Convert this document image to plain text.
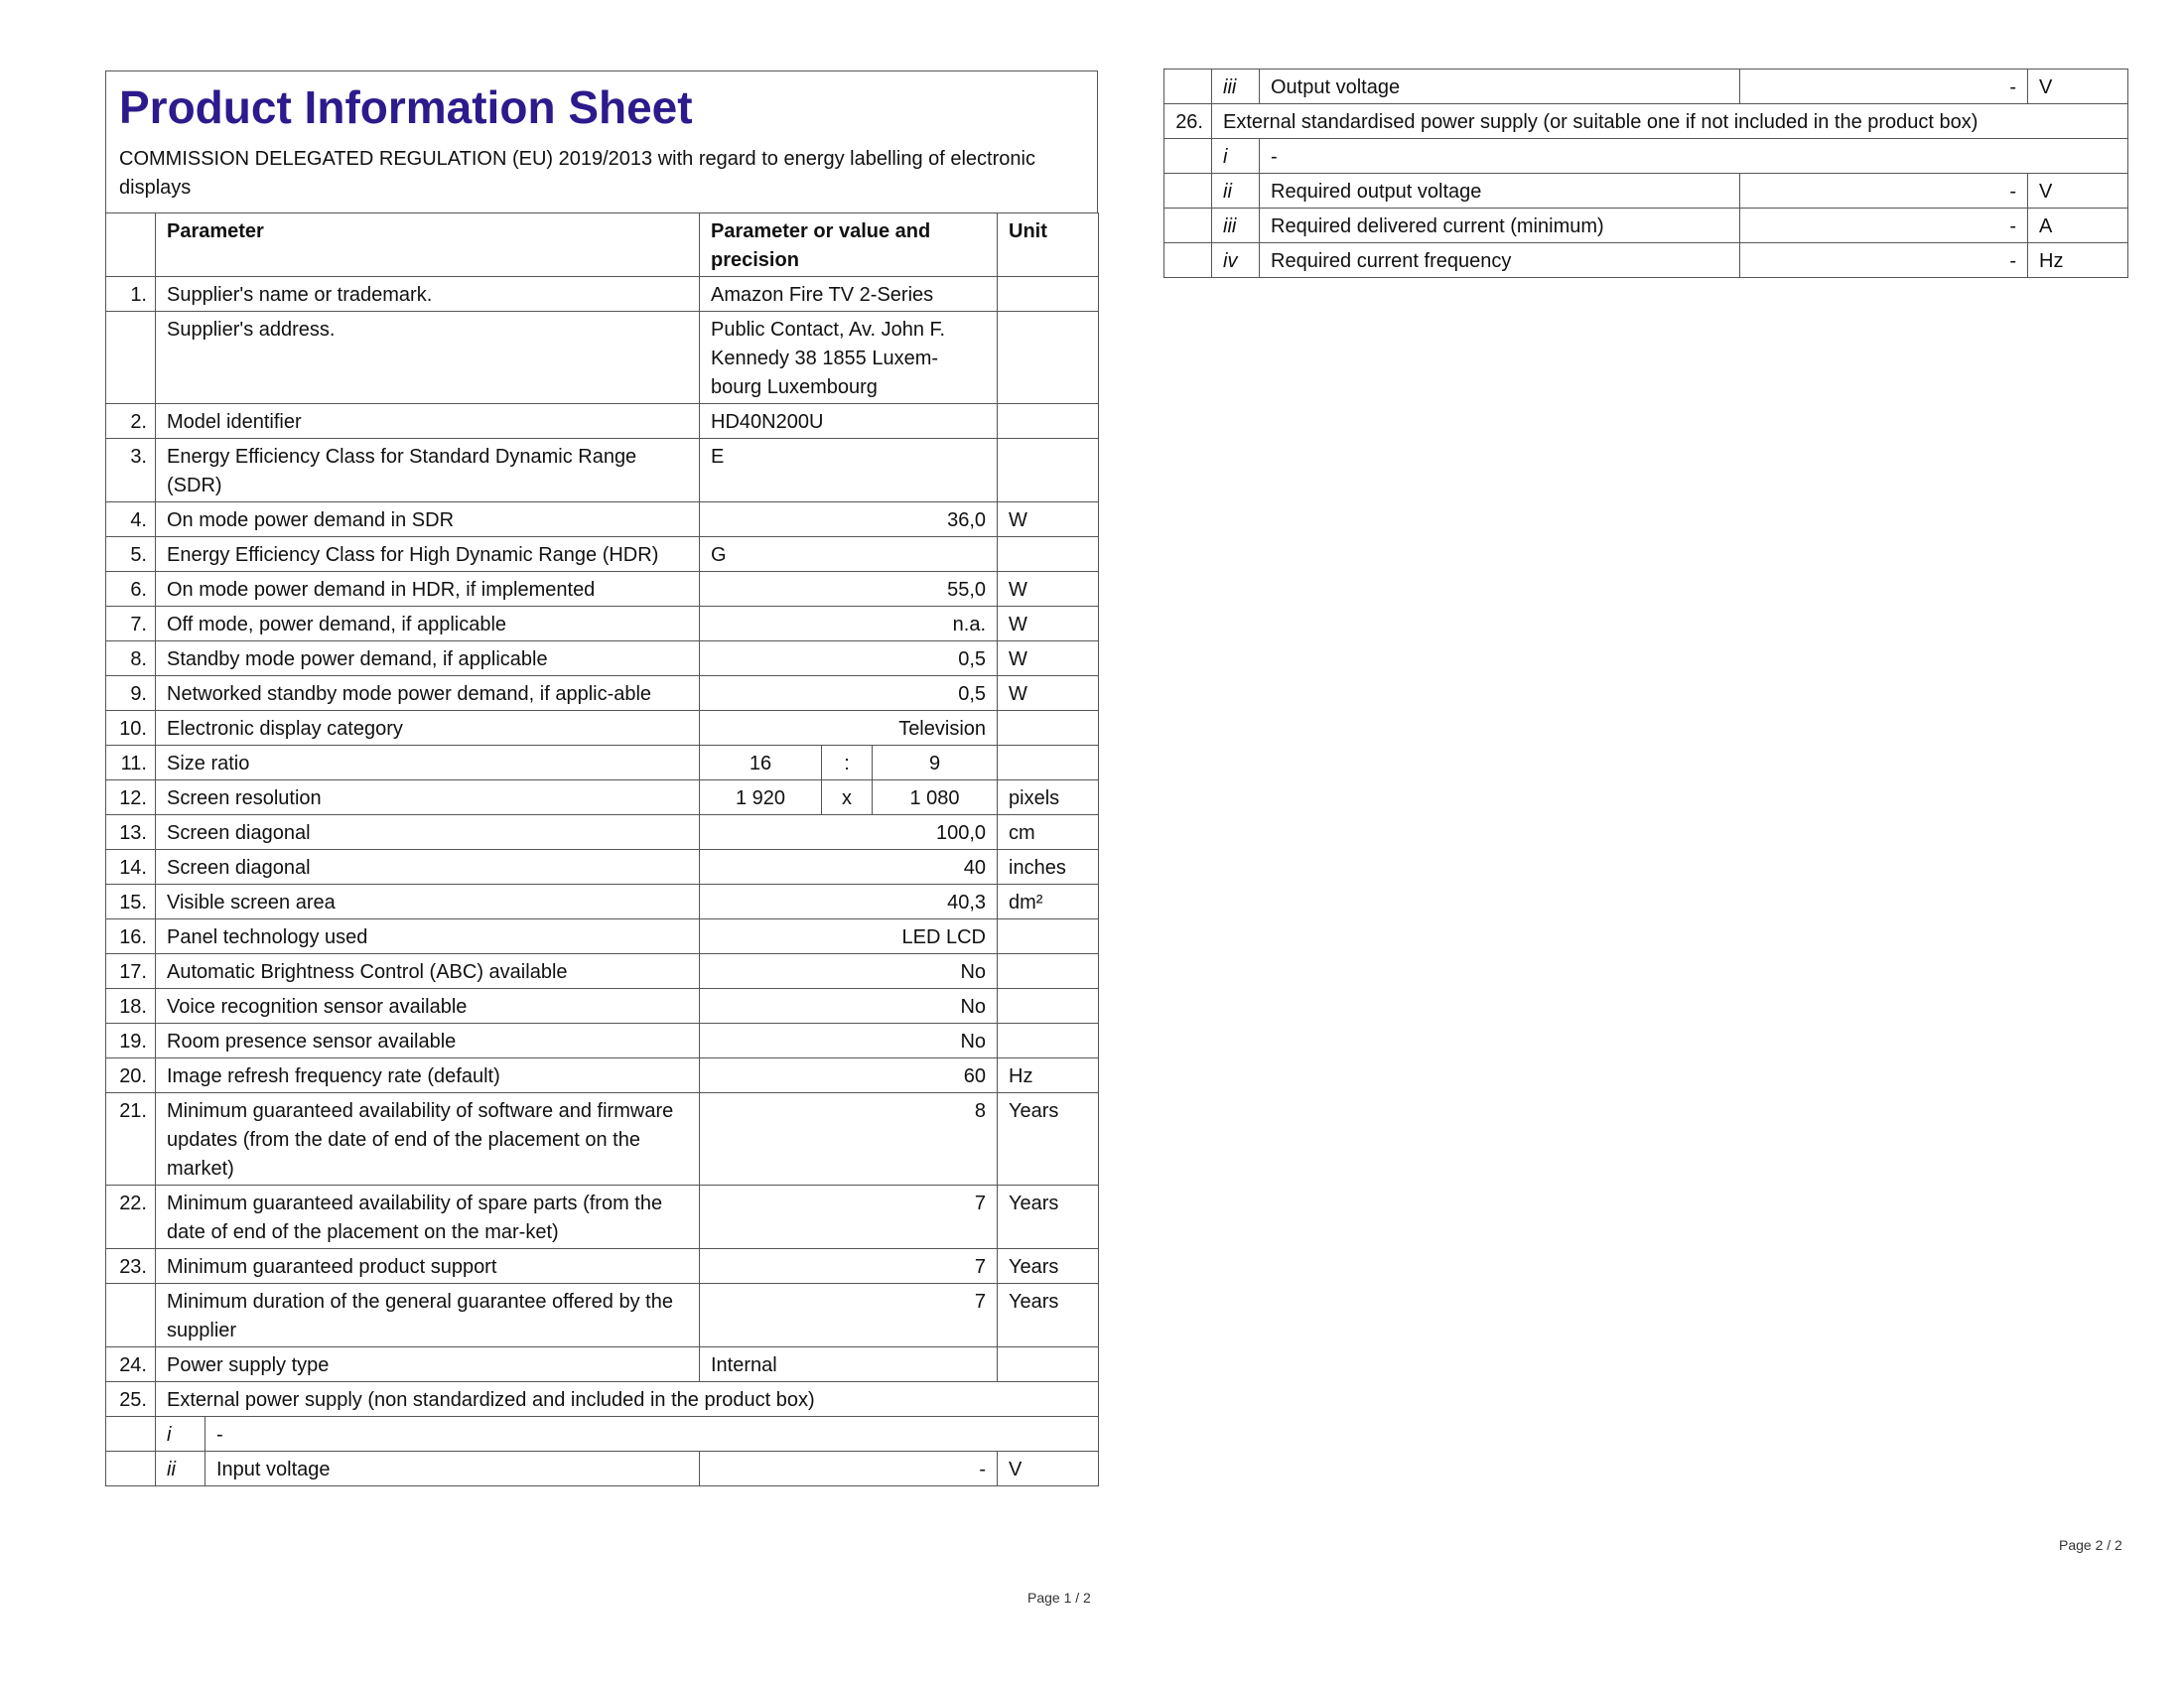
Product Information Sheet
COMMISSION DELEGATED REGULATION (EU) 2019/2013 with regard to energy labelling of electronic displays
	Parameter		Parameter or value and precision			Unit
1.	Supplier's name or trademark.		Amazon Fire TV 2-Series			
	Supplier's address.		Public Contact, Av. John F. Kennedy 38 1855 Luxem-bourg Luxembourg			
2.	Model identifier		HD40N200U			
3.	Energy Efficiency Class for Standard Dynamic Range (SDR)		E			
4.	On mode power demand in SDR		36,0			W
5.	Energy Efficiency Class for High Dynamic Range (HDR)		G			
6.	On mode power demand in HDR, if implemented		55,0			W
7.	Off mode, power demand, if applicable		n.a.			W
8.	Standby mode power demand, if applicable		0,5			W
9.	Networked standby mode power demand, if applic-able		0,5			W
10.	Electronic display category		Television			
11.	Size ratio		16	:	9	
12.	Screen resolution		1 920	x	1 080	pixels
13.	Screen diagonal		100,0			cm
14.	Screen diagonal		40			inches
15.	Visible screen area		40,3			dm²
16.	Panel technology used		LED LCD			
17.	Automatic Brightness Control (ABC) available		No			
18.	Voice recognition sensor available		No			
19.	Room presence sensor available		No			
20.	Image refresh frequency rate (default)		60			Hz
21.	Minimum guaranteed availability of software and firmware updates (from the date of end of the placement on the market)		8			Years
22.	Minimum guaranteed availability of spare parts (from the date of end of the placement on the mar-ket)		7			Years
23.	Minimum guaranteed product support		7			Years
	Minimum duration of the general guarantee offered by the supplier		7			Years
24.	Power supply type		Internal			
25.	External power supply (non standardized and included in the product box)					
	i	-				
	ii	Input voltage	-			V
Page 1 / 2
	iii	Output voltage	-	V
26.	External standardised power supply (or suitable one if not included in the product box)			
	i	-		
	ii	Required output voltage	-	V
	iii	Required delivered current (minimum)	-	A
	iv	Required current frequency	-	Hz
Page 2 / 2
